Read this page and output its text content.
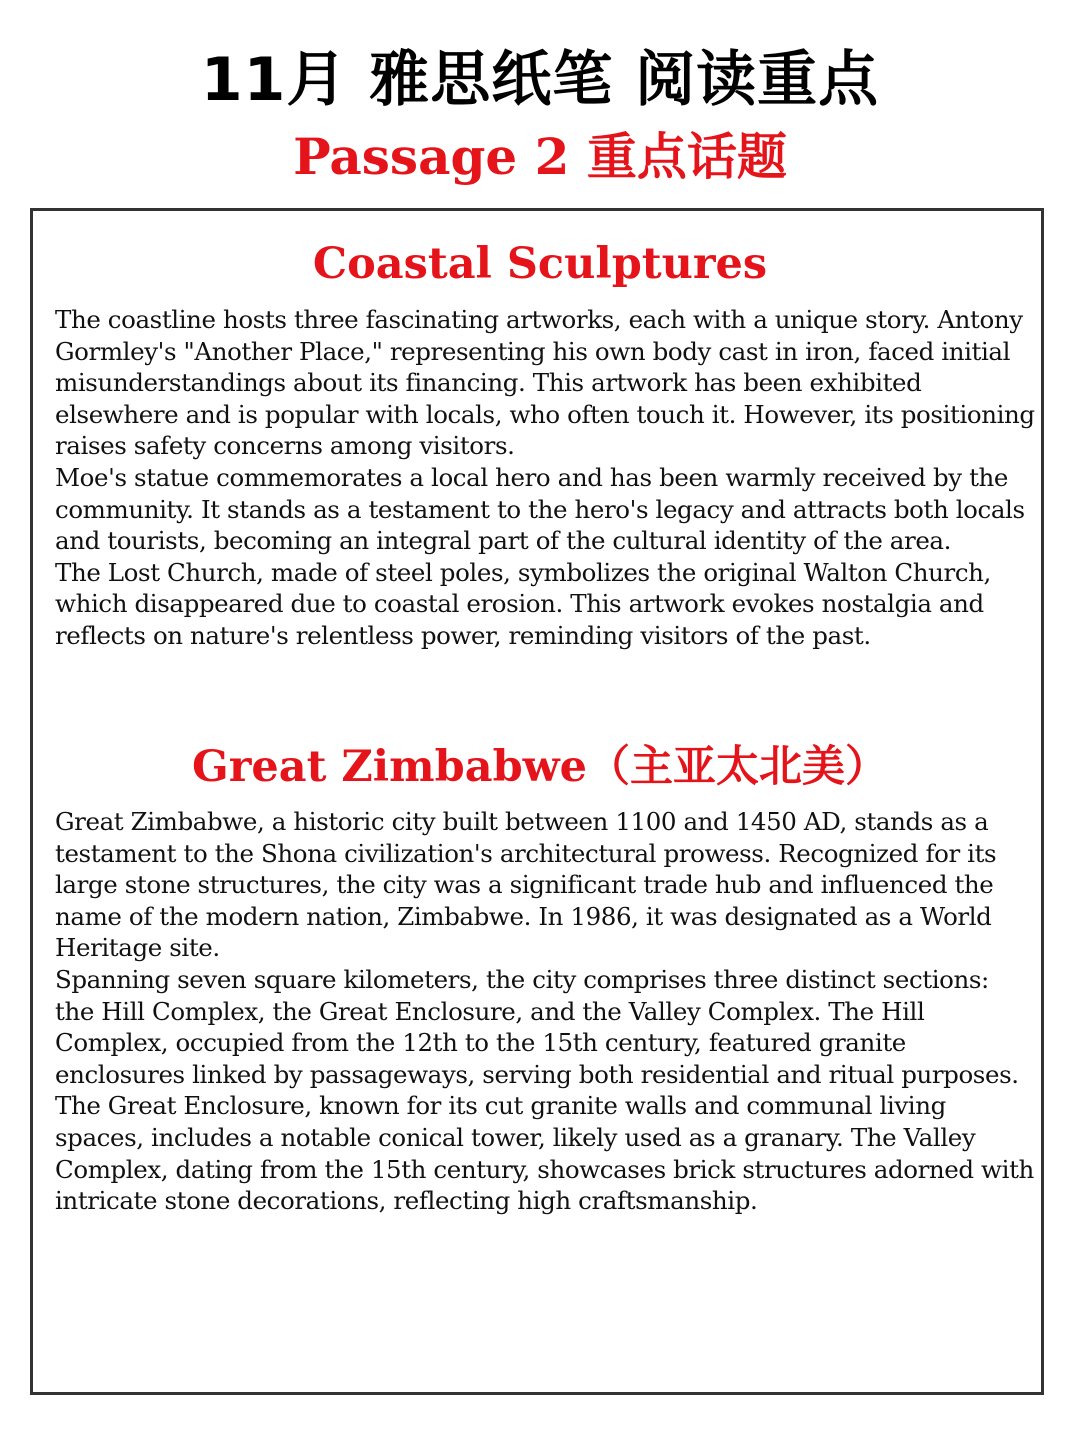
11月 雅思纸笔 阅读重点
Passage 2 重点话题
Coastal Sculptures

The coastline hosts three fascinating artworks, each with a unique story. Antony Gormley's "Another Place," representing his own body cast in iron, faced initial misunderstandings about its financing. This artwork has been exhibited elsewhere and is popular with locals, who often touch it. However, its positioning raises safety concerns among visitors.

Moe's statue commemorates a local hero and has been warmly received by the community. It stands as a testament to the hero's legacy and attracts both locals and tourists, becoming an integral part of the cultural identity of the area.

The Lost Church, made of steel poles, symbolizes the original Walton Church, which disappeared due to coastal erosion. This artwork evokes nostalgia and reflects on nature's relentless power, reminding visitors of the past.

Great Zimbabwe（主亚太北美）

Great Zimbabwe, a historic city built between 1100 and 1450 AD, stands as a testament to the Shona civilization's architectural prowess. Recognized for its large stone structures, the city was a significant trade hub and influenced the name of the modern nation, Zimbabwe. In 1986, it was designated as a World Heritage site.

Spanning seven square kilometers, the city comprises three distinct sections: the Hill Complex, the Great Enclosure, and the Valley Complex. The Hill Complex, occupied from the 12th to the 15th century, featured granite enclosures linked by passageways, serving both residential and ritual purposes. The Great Enclosure, known for its cut granite walls and communal living spaces, includes a notable conical tower, likely used as a granary. The Valley Complex, dating from the 15th century, showcases brick structures adorned with intricate stone decorations, reflecting high craftsmanship.
